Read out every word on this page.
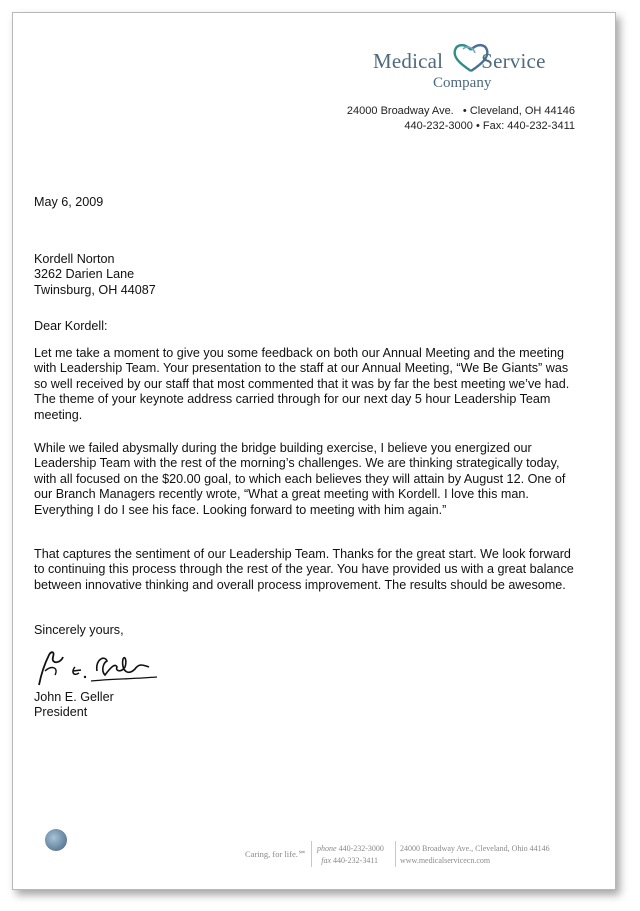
Medical Service
Company
24000 Broadway Ave.   • Cleveland, OH 44146
440-232-3000 • Fax: 440-232-3411
May 6, 2009
Kordell Norton
3262 Darien Lane
Twinsburg, OH 44087
Dear Kordell:
Let me take a moment to give you some feedback on both our Annual Meeting and the meeting with Leadership Team. Your presentation to the staff at our Annual Meeting, “We Be Giants” was so well received by our staff that most commented that it was by far the best meeting we’ve had. The theme of your keynote address carried through for our next day 5 hour Leadership Team meeting.
While we failed abysmally during the bridge building exercise, I believe you energized our Leadership Team with the rest of the morning’s challenges. We are thinking strategically today, with all focused on the $20.00 goal, to which each believes they will attain by August 12. One of our Branch Managers recently wrote, “What a great meeting with Kordell. I love this man. Everything I do I see his face. Looking forward to meeting with him again.”
That captures the sentiment of our Leadership Team. Thanks for the great start. We look forward to continuing this process through the rest of the year. You have provided us with a great balance between innovative thinking and overall process improvement. The results should be awesome.
Sincerely yours,
John E. Geller
President
Caring, for life.℠
phone 440-232-3000
fax 440-232-3411
24000 Broadway Ave., Cleveland, Ohio 44146
www.medicalservicecn.com
